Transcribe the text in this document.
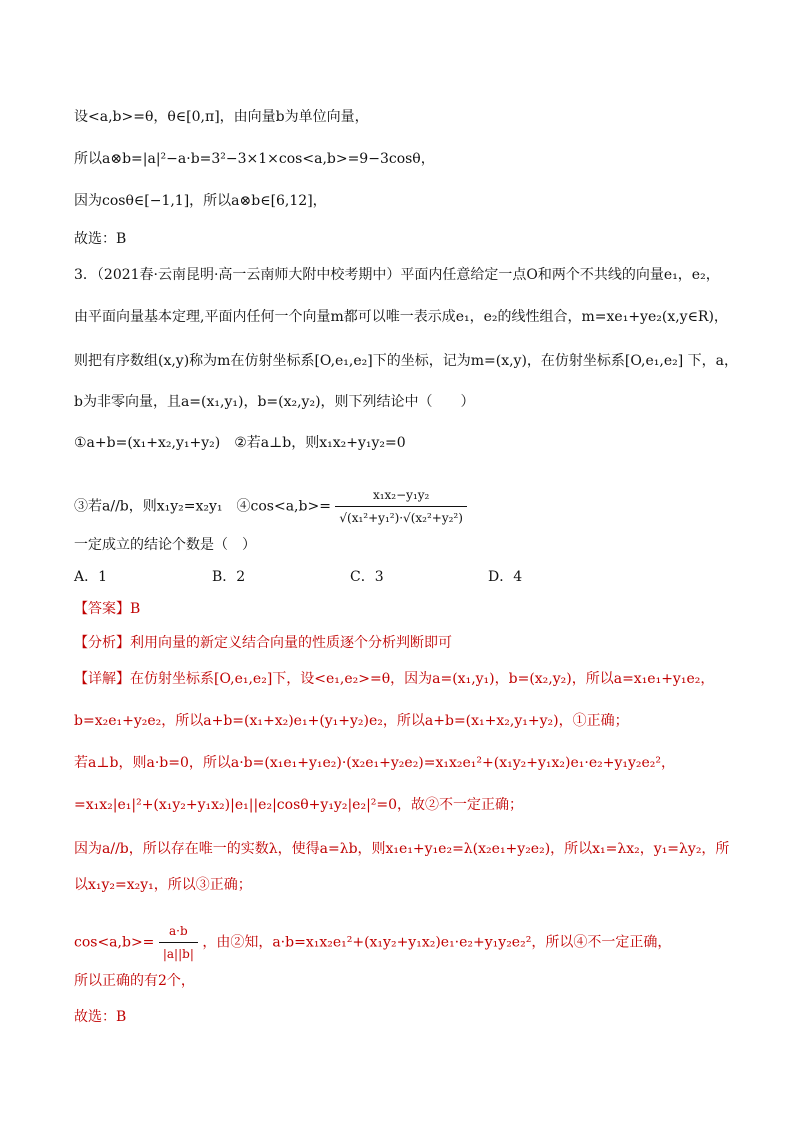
设<a,b>=θ，θ∈[0,π]，由向量b为单位向量，
所以a⊗b=|a|²−a·b=3²−3×1×cos<a,b>=9−3cosθ，
因为cosθ∈[−1,1]，所以a⊗b∈[6,12]，
故选：B
3．（2021春·云南昆明·高一云南师大附中校考期中）平面内任意给定一点O和两个不共线的向量e₁，e₂，
由平面向量基本定理,平面内任何一个向量m都可以唯一表示成e₁，e₂的线性组合，m=xe₁+ye₂(x,y∈R)，
则把有序数组(x,y)称为m在仿射坐标系[O,e₁,e₂]下的坐标，记为m=(x,y)，在仿射坐标系[O,e₁,e₂] 下，a，
b为非零向量，且a=(x₁,y₁)，b=(x₂,y₂)，则下列结论中（　　）
①a+b=(x₁+x₂,y₁+y₂)　②若a⊥b，则x₁x₂+y₁y₂=0
③若a//b，则x₁y₂=x₂y₁　④cos<a,b>= $\frac{\text{x₁x₂−y₁y₂}}{\text{√(x₁²+y₁²)·√(x₂²+y₂²)}}$
一定成立的结论个数是（　）
A．1	B．2	C．3	D．4
【答案】B
【分析】利用向量的新定义结合向量的性质逐个分析判断即可
【详解】在仿射坐标系[O,e₁,e₂]下，设<e₁,e₂>=θ，因为a=(x₁,y₁)，b=(x₂,y₂)，所以a=x₁e₁+y₁e₂，
b=x₂e₁+y₂e₂，所以a+b=(x₁+x₂)e₁+(y₁+y₂)e₂，所以a+b=(x₁+x₂,y₁+y₂)，①正确；
若a⊥b，则a·b=0，所以a·b=(x₁e₁+y₁e₂)·(x₂e₁+y₂e₂)=x₁x₂e₁²+(x₁y₂+y₁x₂)e₁·e₂+y₁y₂e₂²，
=x₁x₂|e₁|²+(x₁y₂+y₁x₂)|e₁||e₂|cosθ+y₁y₂|e₂|²=0，故②不一定正确；
因为a//b，所以存在唯一的实数λ，使得a=λb，则x₁e₁+y₁e₂=λ(x₂e₁+y₂e₂)，所以x₁=λx₂，y₁=λy₂，所
以x₁y₂=x₂y₁，所以③正确；
$\cos<a,b>= \frac{a\cdot b}{|a||b|}$ ，由②知，a·b=x₁x₂e₁²+(x₁y₂+y₁x₂)e₁·e₂+y₁y₂e₂²，所以④不一定正确，
所以正确的有2个，
故选：B
